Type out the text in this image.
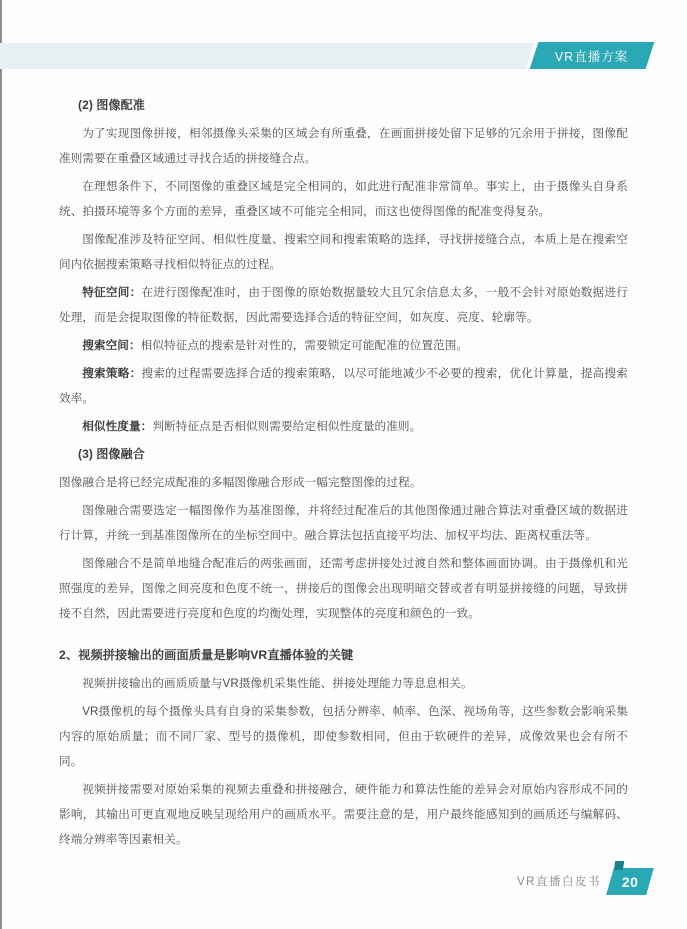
VR直播方案
(2) 图像配准

为了实现图像拼接，相邻摄像头采集的区域会有所重叠，在画面拼接处留下足够的冗余用于拼接，图像配准则需要在重叠区域通过寻找合适的拼接缝合点。

在理想条件下，不同图像的重叠区域是完全相同的，如此进行配准非常简单。事实上，由于摄像头自身系统、拍摄环境等多个方面的差异，重叠区域不可能完全相同，而这也使得图像的配准变得复杂。

图像配准涉及特征空间、相似性度量、搜索空间和搜索策略的选择，寻找拼接缝合点，本质上是在搜索空间内依据搜索策略寻找相似特征点的过程。

特征空间：在进行图像配准时，由于图像的原始数据量较大且冗余信息太多，一般不会针对原始数据进行处理，而是会提取图像的特征数据，因此需要选择合适的特征空间，如灰度、亮度、轮廓等。

搜索空间：相似特征点的搜索是针对性的，需要锁定可能配准的位置范围。

搜索策略：搜索的过程需要选择合适的搜索策略，以尽可能地减少不必要的搜索，优化计算量，提高搜索效率。

相似性度量：判断特征点是否相似则需要给定相似性度量的准则。

(3) 图像融合

图像融合是将已经完成配准的多幅图像融合形成一幅完整图像的过程。

图像融合需要选定一幅图像作为基准图像，并将经过配准后的其他图像通过融合算法对重叠区域的数据进行计算，并统一到基准图像所在的坐标空间中。融合算法包括直接平均法、加权平均法、距离权重法等。

图像融合不是简单地缝合配准后的两张画面，还需考虑拼接处过渡自然和整体画面协调。由于摄像机和光照强度的差异，图像之间亮度和色度不统一，拼接后的图像会出现明暗交替或者有明显拼接缝的问题，导致拼接不自然，因此需要进行亮度和色度的均衡处理，实现整体的亮度和颜色的一致。

2、视频拼接输出的画面质量是影响VR直播体验的关键

视频拼接输出的画质质量与VR摄像机采集性能、拼接处理能力等息息相关。

VR摄像机的每个摄像头具有自身的采集参数，包括分辨率、帧率、色深、视场角等，这些参数会影响采集内容的原始质量；而不同厂家、型号的摄像机，即使参数相同，但由于软硬件的差异，成像效果也会有所不同。

视频拼接需要对原始采集的视频去重叠和拼接融合，硬件能力和算法性能的差异会对原始内容形成不同的影响，其输出可更直观地反映呈现给用户的画质水平。需要注意的是，用户最终能感知到的画质还与编解码、终端分辨率等因素相关。

VR直播白皮书 20
